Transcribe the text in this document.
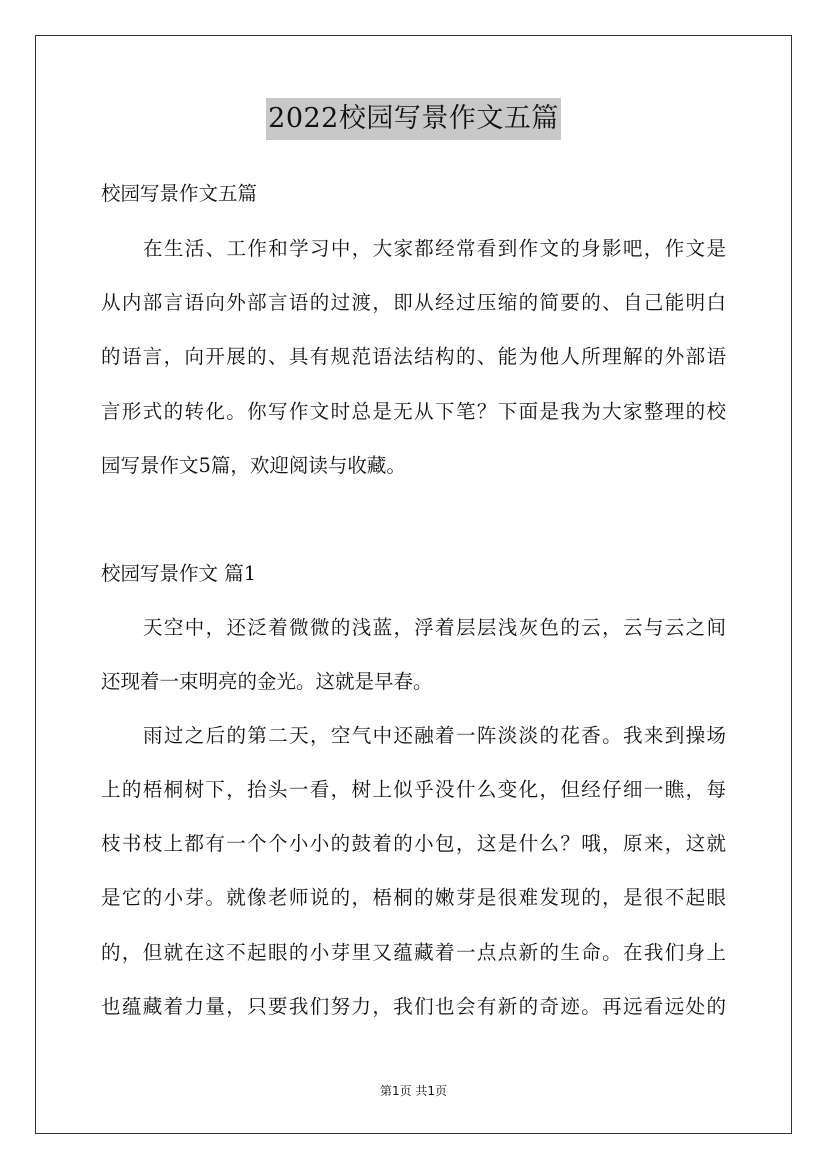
2022校园写景作文五篇
校园写景作文五篇
在生活、工作和学习中，大家都经常看到作文的身影吧，作文是
从内部言语向外部言语的过渡，即从经过压缩的简要的、自己能明白
的语言，向开展的、具有规范语法结构的、能为他人所理解的外部语
言形式的转化。你写作文时总是无从下笔？下面是我为大家整理的校
园写景作文5篇，欢迎阅读与收藏。
校园写景作文 篇1
天空中，还泛着微微的浅蓝，浮着层层浅灰色的云，云与云之间
还现着一束明亮的金光。这就是早春。
雨过之后的第二天，空气中还融着一阵淡淡的花香。我来到操场
上的梧桐树下，抬头一看，树上似乎没什么变化，但经仔细一瞧，每
枝书枝上都有一个个小小的鼓着的小包，这是什么？哦，原来，这就
是它的小芽。就像老师说的，梧桐的嫩芽是很难发现的，是很不起眼
的，但就在这不起眼的小芽里又蕴藏着一点点新的生命。在我们身上
也蕴藏着力量，只要我们努力，我们也会有新的奇迹。再远看远处的
第1页 共1页
